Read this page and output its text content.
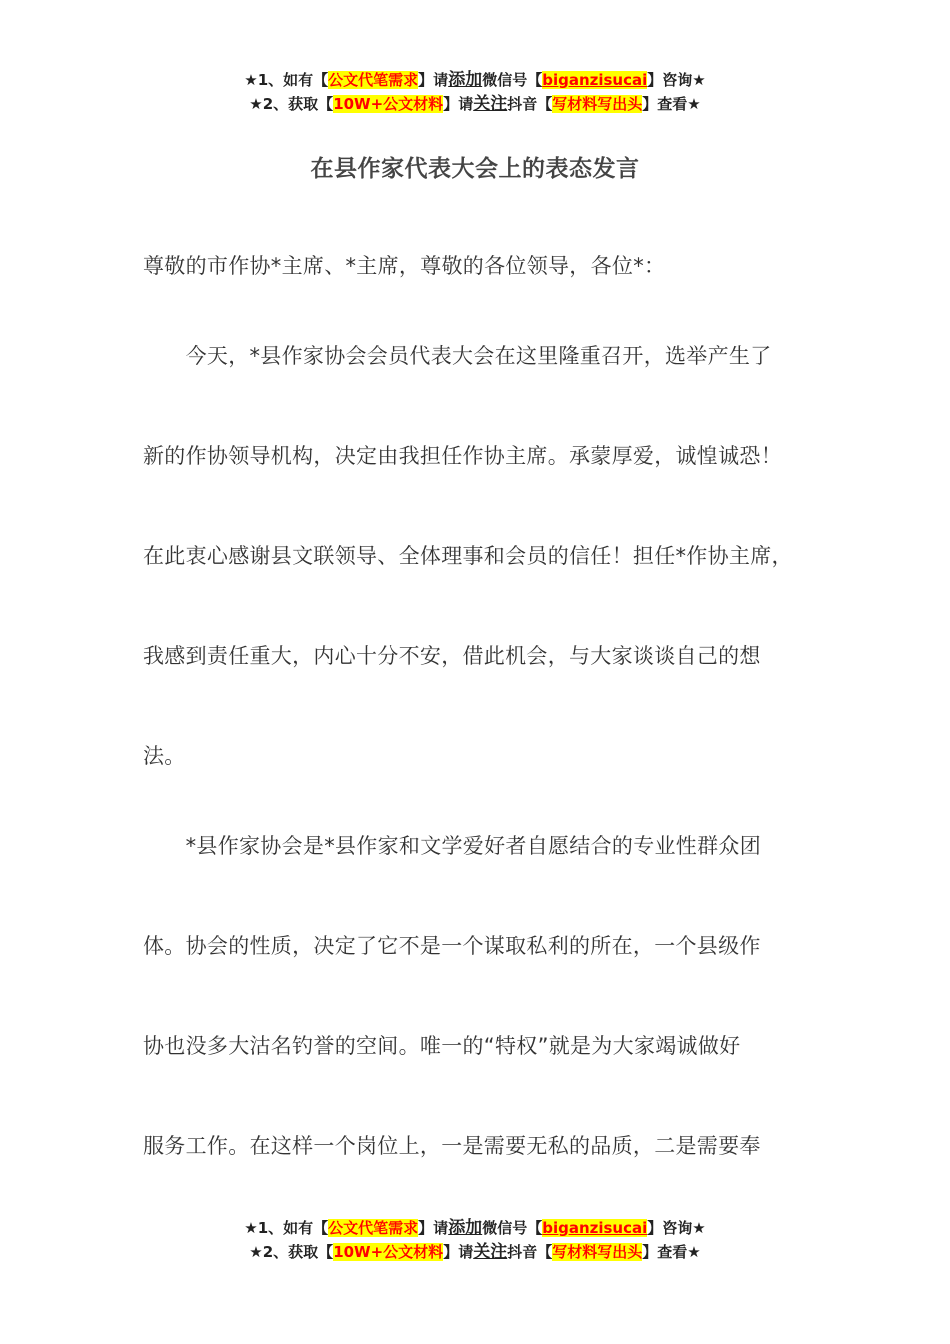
★1、如有【公文代笔需求】请添加微信号【biganzisucai】咨询★
★2、获取【10W+公文材料】请关注抖音【写材料写出头】查看★
在县作家代表大会上的表态发言
尊敬的市作协*主席、*主席，尊敬的各位领导，各位*：
　　今天，*县作家协会会员代表大会在这里隆重召开，选举产生了
新的作协领导机构，决定由我担任作协主席。承蒙厚爱，诚惶诚恐！
在此衷心感谢县文联领导、全体理事和会员的信任！担任*作协主席，
我感到责任重大，内心十分不安，借此机会，与大家谈谈自己的想
法。
　　*县作家协会是*县作家和文学爱好者自愿结合的专业性群众团
体。协会的性质，决定了它不是一个谋取私利的所在，一个县级作
协也没多大沽名钓誉的空间。唯一的“特权”就是为大家竭诚做好
服务工作。在这样一个岗位上，一是需要无私的品质，二是需要奉
★1、如有【公文代笔需求】请添加微信号【biganzisucai】咨询★
★2、获取【10W+公文材料】请关注抖音【写材料写出头】查看★
